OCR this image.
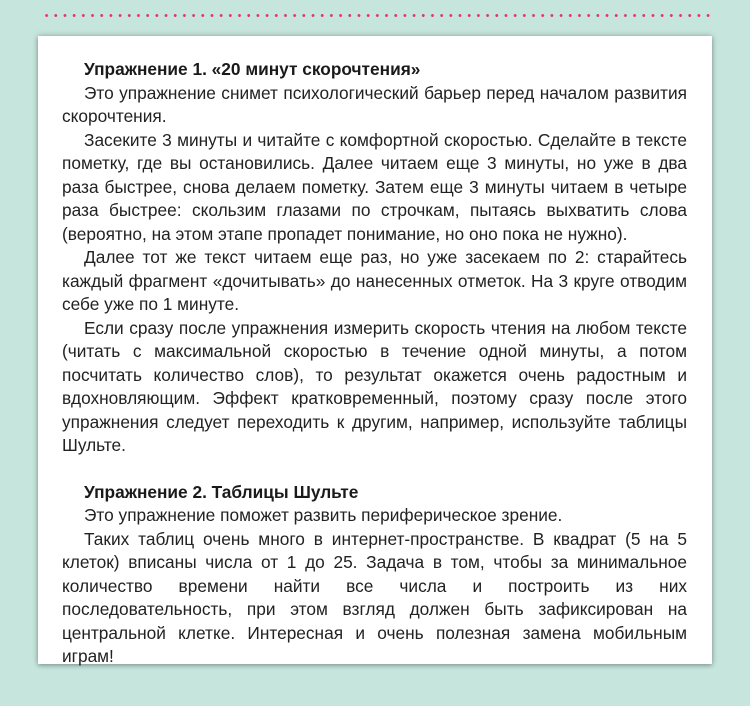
Упражнение 1. «20 минут скорочтения»

Это упражнение снимет психологический барьер перед началом развития скорочтения.

Засеките 3 минуты и читайте с комфортной скоростью. Сделайте в тексте пометку, где вы остановились. Далее читаем еще 3 минуты, но уже в два раза быстрее, снова делаем пометку. Затем еще 3 минуты читаем в четыре раза быстрее: скользим глазами по строчкам, пытаясь выхватить слова (вероятно, на этом этапе пропадет понимание, но оно пока не нужно).

Далее тот же текст читаем еще раз, но уже засекаем по 2: старайтесь каждый фрагмент «дочитывать» до нанесенных отметок. На 3 круге отводим себе уже по 1 минуте.

Если сразу после упражнения измерить скорость чтения на любом тексте (читать с максимальной скоростью в течение одной минуты, а потом посчитать количество слов), то результат окажется очень радостным и вдохновляющим. Эффект кратковременный, поэтому сразу после этого упражнения следует переходить к другим, например, используйте таблицы Шульте.

Упражнение 2. Таблицы Шульте

Это упражнение поможет развить периферическое зрение.

Таких таблиц очень много в интернет-пространстве. В квадрат (5 на 5 клеток) вписаны числа от 1 до 25. Задача в том, чтобы за минимальное количество времени найти все числа и построить из них последовательность, при этом взгляд должен быть зафиксирован на центральной клетке. Интересная и очень полезная замена мобильным играм!
